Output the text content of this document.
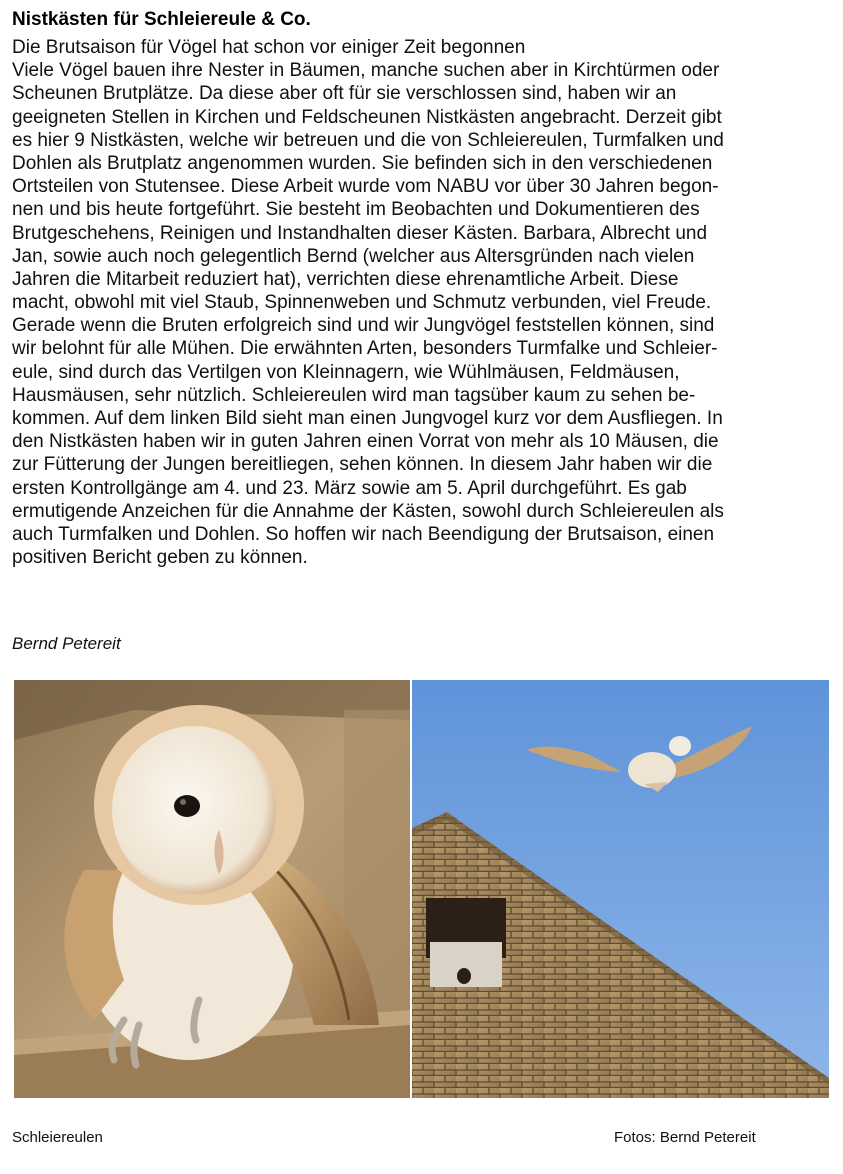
Nistkästen für Schleiereule & Co.
Die Brutsaison für Vögel hat schon vor einiger Zeit begonnen
Viele Vögel bauen ihre Nester in Bäumen, manche suchen aber in Kirchtürmen oder
Scheunen Brutplätze. Da diese aber oft für sie verschlossen sind, haben wir an
geeigneten Stellen in Kirchen und Feldscheunen Nistkästen angebracht. Derzeit gibt
es hier 9 Nistkästen, welche wir betreuen und die von Schleiereulen, Turmfalken und
Dohlen als Brutplatz angenommen wurden. Sie befinden sich in den verschiedenen
Ortsteilen von Stutensee. Diese Arbeit wurde vom NABU vor über 30 Jahren begon-
nen und bis heute fortgeführt. Sie besteht im Beobachten und Dokumentieren des
Brutgeschehens, Reinigen und Instandhalten dieser Kästen. Barbara, Albrecht und
Jan, sowie auch noch gelegentlich Bernd (welcher aus Altersgründen nach vielen
Jahren die Mitarbeit reduziert hat), verrichten diese ehrenamtliche Arbeit. Diese
macht, obwohl mit viel Staub, Spinnenweben und Schmutz verbunden, viel Freude.
Gerade wenn die Bruten erfolgreich sind und wir Jungvögel feststellen können, sind
wir belohnt für alle Mühen. Die erwähnten Arten, besonders Turmfalke und Schleier-
eule, sind durch das Vertilgen von Kleinnagern, wie Wühlmäusen, Feldmäusen,
Hausmäusen, sehr nützlich. Schleiereulen wird man tagsüber kaum zu sehen be-
kommen. Auf dem linken Bild sieht man einen Jungvogel kurz vor dem Ausfliegen. In
den Nistkästen haben wir in guten Jahren einen Vorrat von mehr als 10 Mäusen, die
zur Fütterung der Jungen bereitliegen, sehen können. In diesem Jahr haben wir die
ersten Kontrollgänge am 4. und 23. März sowie am 5. April durchgeführt. Es gab
ermutigende Anzeichen für die Annahme der Kästen, sowohl durch Schleiereulen als
auch Turmfalken und Dohlen. So hoffen wir nach Beendigung der Brutsaison, einen
positiven Bericht geben zu können.
Bernd Petereit
Schleiereulen	Fotos: Bernd Petereit
